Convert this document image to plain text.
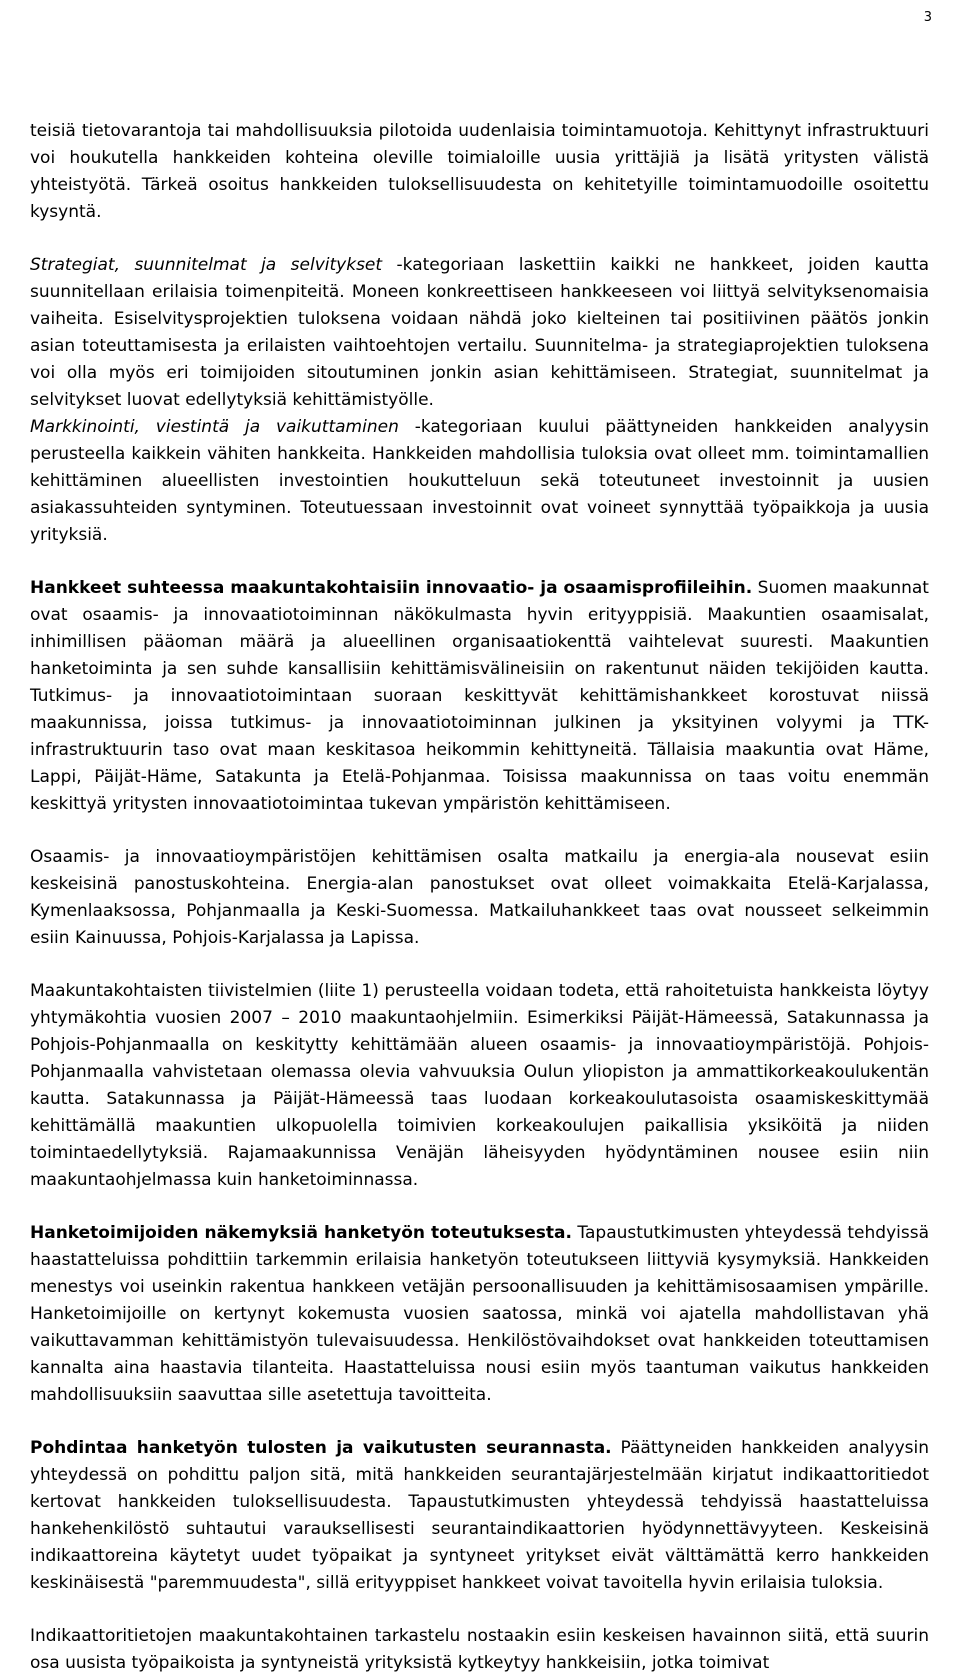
3

teisiä tietovarantoja tai mahdollisuuksia pilotoida uudenlaisia toimintamuotoja. Kehittynyt infrastruktuuri voi houkutella hankkeiden kohteina oleville toimialoille uusia yrittäjiä ja lisätä yritysten välistä yhteistyötä. Tärkeä osoitus hankkeiden tuloksellisuudesta on kehitetyille toimintamuodoille osoitettu kysyntä.

Strategiat, suunnitelmat ja selvitykset -kategoriaan laskettiin kaikki ne hankkeet, joiden kautta suunnitellaan erilaisia toimenpiteitä. Moneen konkreettiseen hankkeeseen voi liittyä selvityksenomaisia vaiheita. Esiselvitysprojektien tuloksena voidaan nähdä joko kielteinen tai positiivinen päätös jonkin asian toteuttamisesta ja erilaisten vaihtoehtojen vertailu. Suunnitelma- ja strategiaprojektien tuloksena voi olla myös eri toimijoiden sitoutuminen jonkin asian kehittämiseen. Strategiat, suunnitelmat ja selvitykset luovat edellytyksiä kehittämistyölle.
Markkinointi, viestintä ja vaikuttaminen -kategoriaan kuului päättyneiden hankkeiden analyysin perusteella kaikkein vähiten hankkeita. Hankkeiden mahdollisia tuloksia ovat olleet mm. toimintamallien kehittäminen alueellisten investointien houkutteluun sekä toteutuneet investoinnit ja uusien asiakassuhteiden syntyminen. Toteutuessaan investoinnit ovat voineet synnyttää työpaikkoja ja uusia yrityksiä.

Hankkeet suhteessa maakuntakohtaisiin innovaatio- ja osaamisprofiileihin. Suomen maakunnat ovat osaamis- ja innovaatiotoiminnan näkökulmasta hyvin erityyppisiä. Maakuntien osaamisalat, inhimillisen pääoman määrä ja alueellinen organisaatiokenttä vaihtelevat suuresti. Maakuntien hanketoiminta ja sen suhde kansallisiin kehittämisvälineisiin on rakentunut näiden tekijöiden kautta. Tutkimus- ja innovaatiotoimintaan suoraan keskittyvät kehittämishankkeet korostuvat niissä maakunnissa, joissa tutkimus- ja innovaatiotoiminnan julkinen ja yksityinen volyymi ja TTK-infrastruktuurin taso ovat maan keskitasoa heikommin kehittyneitä. Tällaisia maakuntia ovat Häme, Lappi, Päijät-Häme, Satakunta ja Etelä-Pohjanmaa. Toisissa maakunnissa on taas voitu enemmän keskittyä yritysten innovaatiotoimintaa tukevan ympäristön kehittämiseen.

Osaamis- ja innovaatioympäristöjen kehittämisen osalta matkailu ja energia-ala nousevat esiin keskeisinä panostuskohteina. Energia-alan panostukset ovat olleet voimakkaita Etelä-Karjalassa, Kymenlaaksossa, Pohjanmaalla ja Keski-Suomessa. Matkailuhankkeet taas ovat nousseet selkeimmin esiin Kainuussa, Pohjois-Karjalassa ja Lapissa.

Maakuntakohtaisten tiivistelmien (liite 1) perusteella voidaan todeta, että rahoitetuista hankkeista löytyy yhtymäkohtia vuosien 2007 – 2010 maakuntaohjelmiin. Esimerkiksi Päijät-Hämeessä, Satakunnassa ja Pohjois-Pohjanmaalla on keskitytty kehittämään alueen osaamis- ja innovaatioympäristöjä. Pohjois-Pohjanmaalla vahvistetaan olemassa olevia vahvuuksia Oulun yliopiston ja ammattikorkeakoulukentän kautta. Satakunnassa ja Päijät-Hämeessä taas luodaan korkeakoulutasoista osaamiskeskittymää kehittämällä maakuntien ulkopuolella toimivien korkeakoulujen paikallisia yksiköitä ja niiden toimintaedellytyksiä. Rajamaakunnissa Venäjän läheisyyden hyödyntäminen nousee esiin niin maakuntaohjelmassa kuin hanketoiminnassa.

Hanketoimijoiden näkemyksiä hanketyön toteutuksesta. Tapaustutkimusten yhteydessä tehdyissä haastatteluissa pohdittiin tarkemmin erilaisia hanketyön toteutukseen liittyviä kysymyksiä. Hankkeiden menestys voi useinkin rakentua hankkeen vetäjän persoonallisuuden ja kehittämisosaamisen ympärille. Hanketoimijoille on kertynyt kokemusta vuosien saatossa, minkä voi ajatella mahdollistavan yhä vaikuttavamman kehittämistyön tulevaisuudessa. Henkilöstövaihdokset ovat hankkeiden toteuttamisen kannalta aina haastavia tilanteita. Haastatteluissa nousi esiin myös taantuman vaikutus hankkeiden mahdollisuuksiin saavuttaa sille asetettuja tavoitteita.

Pohdintaa hanketyön tulosten ja vaikutusten seurannasta. Päättyneiden hankkeiden analyysin yhteydessä on pohdittu paljon sitä, mitä hankkeiden seurantajärjestelmään kirjatut indikaattoritiedot kertovat hankkeiden tuloksellisuudesta. Tapaustutkimusten yhteydessä tehdyissä haastatteluissa hankehenkilöstö suhtautui varauksellisesti seurantaindikaattorien hyödynnettävyyteen. Keskeisinä indikaattoreina käytetyt uudet työpaikat ja syntyneet yritykset eivät välttämättä kerro hankkeiden keskinäisestä "paremmuudesta", sillä erityyppiset hankkeet voivat tavoitella hyvin erilaisia tuloksia.

Indikaattoritietojen maakuntakohtainen tarkastelu nostaakin esiin keskeisen havainnon siitä, että suurin osa uusista työpaikoista ja syntyneistä yrityksistä kytkeytyy hankkeisiin, jotka toimivat
